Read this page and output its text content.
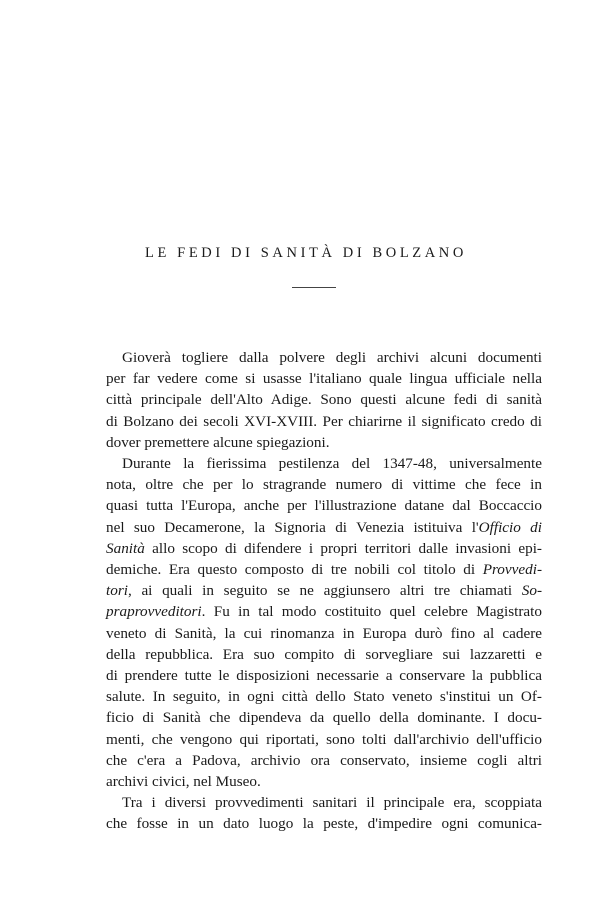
LE FEDI DI SANITÀ DI BOLZANO

Gioverà togliere dalla polvere degli archivi alcuni documenti
per far vedere come si usasse l'italiano quale lingua ufficiale nella
città principale dell'Alto Adige. Sono questi alcune fedi di sanità
di Bolzano dei secoli XVI-XVIII. Per chiarirne il significato credo di
dover premettere alcune spiegazioni.

Durante la fierissima pestilenza del 1347-48, universalmente
nota, oltre che per lo stragrande numero di vittime che fece in
quasi tutta l'Europa, anche per l'illustrazione datane dal Boccaccio
nel suo Decamerone, la Signoria di Venezia istituiva l'Officio di
Sanità allo scopo di difendere i propri territori dalle invasioni epi-
demiche. Era questo composto di tre nobili col titolo di Provvedi-
tori, ai quali in seguito se ne aggiunsero altri tre chiamati So-
praprovveditori. Fu in tal modo costituito quel celebre Magistrato
veneto di Sanità, la cui rinomanza in Europa durò fino al cadere
della repubblica. Era suo compito di sorvegliare sui lazzaretti e
di prendere tutte le disposizioni necessarie a conservare la pubblica
salute. In seguito, in ogni città dello Stato veneto s'institui un Of-
ficio di Sanità che dipendeva da quello della dominante. I docu-
menti, che vengono qui riportati, sono tolti dall'archivio dell'ufficio
che c'era a Padova, archivio ora conservato, insieme cogli altri
archivi civici, nel Museo.

Tra i diversi provvedimenti sanitari il principale era, scoppiata
che fosse in un dato luogo la peste, d'impedire ogni comunica-
